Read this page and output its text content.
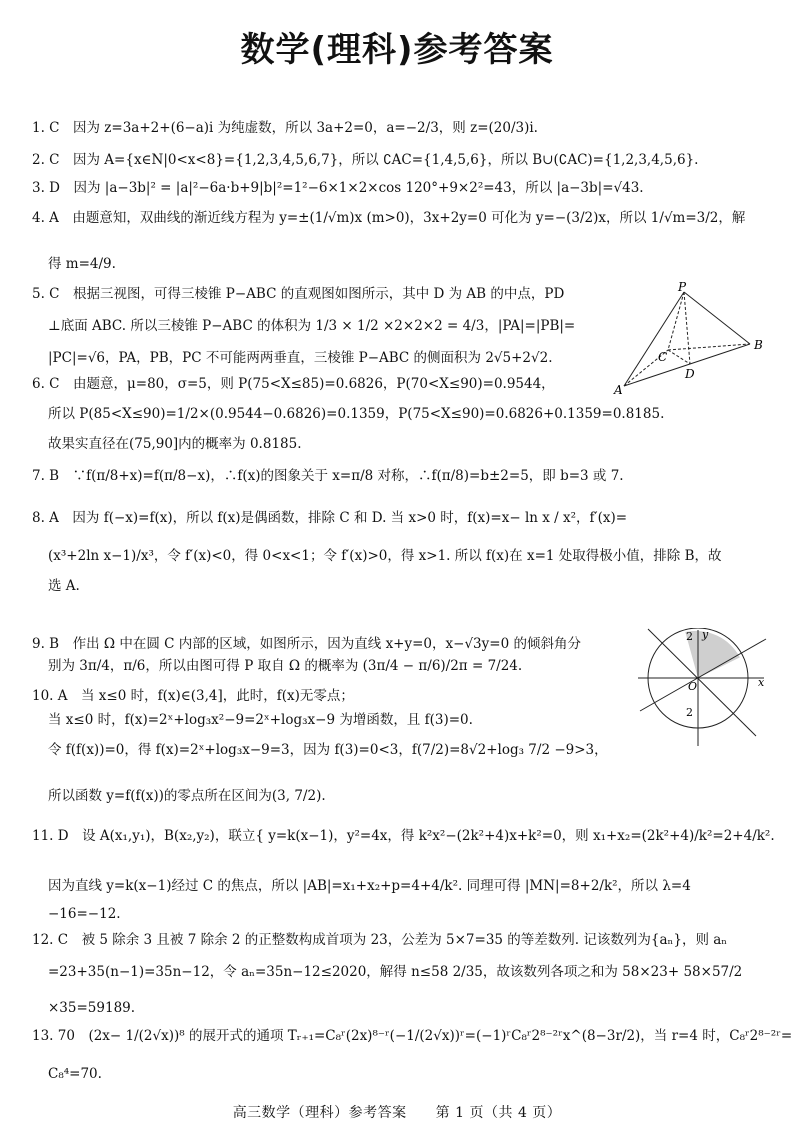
数学(理科)参考答案
1. C　因为 z=3a+2+(6−a)i 为纯虚数，所以 3a+2=0，a=−2/3，则 z=(20/3)i.
2. C　因为 A={x∈N|0<x<8}={1,2,3,4,5,6,7}，所以 ∁AC={1,4,5,6}，所以 B∪(∁AC)={1,2,3,4,5,6}.
3. D　因为 |a−3b|² = |a|²−6a·b+9|b|²=1²−6×1×2×cos 120°+9×2²=43，所以 |a−3b|=√43.
4. A　由题意知，双曲线的渐近线方程为 y=±(1/√m)x (m>0)，3x+2y=0 可化为 y=−(3/2)x，所以 1/√m=3/2，解
得 m=4/9.
5. C　根据三视图，可得三棱锥 P−ABC 的直观图如图所示，其中 D 为 AB 的中点，PD
⊥底面 ABC. 所以三棱锥 P−ABC 的体积为 1/3 × 1/2 ×2×2×2 = 4/3，|PA|=|PB|=
|PC|=√6，PA，PB，PC 不可能两两垂直，三棱锥 P−ABC 的侧面积为 2√5+2√2.
6. C　由题意，μ=80，σ=5，则 P(75<X≤85)=0.6826，P(70<X≤90)=0.9544，
所以 P(85<X≤90)=1/2×(0.9544−0.6826)=0.1359，P(75<X≤90)=0.6826+0.1359=0.8185.
故果实直径在(75,90]内的概率为 0.8185.
7. B　∵f(π/8+x)=f(π/8−x)，∴f(x)的图象关于 x=π/8 对称，∴f(π/8)=b±2=5，即 b=3 或 7.
8. A　因为 f(−x)=f(x)，所以 f(x)是偶函数，排除 C 和 D. 当 x>0 时，f(x)=x− ln x / x²，f′(x)=
(x³+2ln x−1)/x³，令 f′(x)<0，得 0<x<1；令 f′(x)>0，得 x>1. 所以 f(x)在 x=1 处取得极小值，排除 B，故
选 A.
9. B　作出 Ω 中在圆 C 内部的区域，如图所示，因为直线 x+y=0，x−√3y=0 的倾斜角分
别为 3π/4，π/6，所以由图可得 P 取自 Ω 的概率为 (3π/4 − π/6)/2π = 7/24.
10. A　当 x≤0 时，f(x)∈(3,4]，此时，f(x)无零点；
当 x≤0 时，f(x)=2ˣ+log₃x²−9=2ˣ+log₃x−9 为增函数，且 f(3)=0.
令 f(f(x))=0，得 f(x)=2ˣ+log₃x−9=3，因为 f(3)=0<3，f(7/2)=8√2+log₃ 7/2 −9>3，
所以函数 y=f(f(x))的零点所在区间为(3, 7/2).
11. D　设 A(x₁,y₁)，B(x₂,y₂)，联立{ y=k(x−1)，y²=4x，得 k²x²−(2k²+4)x+k²=0，则 x₁+x₂=(2k²+4)/k²=2+4/k².
因为直线 y=k(x−1)经过 C 的焦点，所以 |AB|=x₁+x₂+p=4+4/k². 同理可得 |MN|=8+2/k²，所以 λ=4
−16=−12.
12. C　被 5 除余 3 且被 7 除余 2 的正整数构成首项为 23，公差为 5×7=35 的等差数列. 记该数列为{aₙ}，则 aₙ
=23+35(n−1)=35n−12，令 aₙ=35n−12≤2020，解得 n≤58 2/35，故该数列各项之和为 58×23+ 58×57/2
×35=59189.
13. 70　(2x− 1/(2√x))⁸ 的展开式的通项 Tᵣ₊₁=C₈ʳ(2x)⁸⁻ʳ(−1/(2√x))ʳ=(−1)ʳC₈ʳ2⁸⁻²ʳx^(8−3r/2)，当 r=4 时，C₈ʳ2⁸⁻²ʳ=
C₈⁴=70.
P
A
B
C
D
y
x
O
2
2
高三数学（理科）参考答案　　第 1 页（共 4 页）
